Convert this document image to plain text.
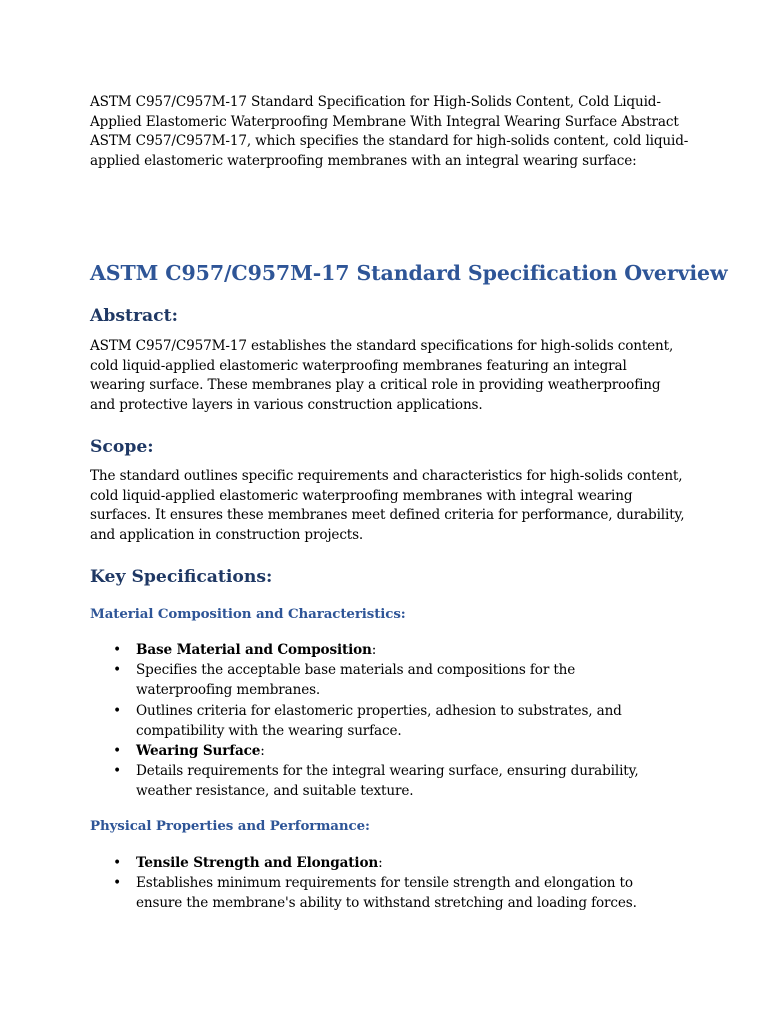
ASTM C957/C957M-17 Standard Specification for High-Solids Content, Cold Liquid-Applied Elastomeric Waterproofing Membrane With Integral Wearing Surface Abstract

ASTM C957/C957M-17, which specifies the standard for high-solids content, cold liquid-applied elastomeric waterproofing membranes with an integral wearing surface:

ASTM C957/C957M-17 Standard Specification Overview
Abstract:

ASTM C957/C957M-17 establishes the standard specifications for high-solids content, cold liquid-applied elastomeric waterproofing membranes featuring an integral wearing surface. These membranes play a critical role in providing weatherproofing and protective layers in various construction applications.

Scope:

The standard outlines specific requirements and characteristics for high-solids content, cold liquid-applied elastomeric waterproofing membranes with integral wearing surfaces. It ensures these membranes meet defined criteria for performance, durability, and application in construction projects.

Key Specifications:
Material Composition and Characteristics:
• Base Material and Composition:
• Specifies the acceptable base materials and compositions for the waterproofing membranes.
• Outlines criteria for elastomeric properties, adhesion to substrates, and compatibility with the wearing surface.
• Wearing Surface:
• Details requirements for the integral wearing surface, ensuring durability, weather resistance, and suitable texture.
Physical Properties and Performance:
• Tensile Strength and Elongation:
• Establishes minimum requirements for tensile strength and elongation to ensure the membrane's ability to withstand stretching and loading forces.
